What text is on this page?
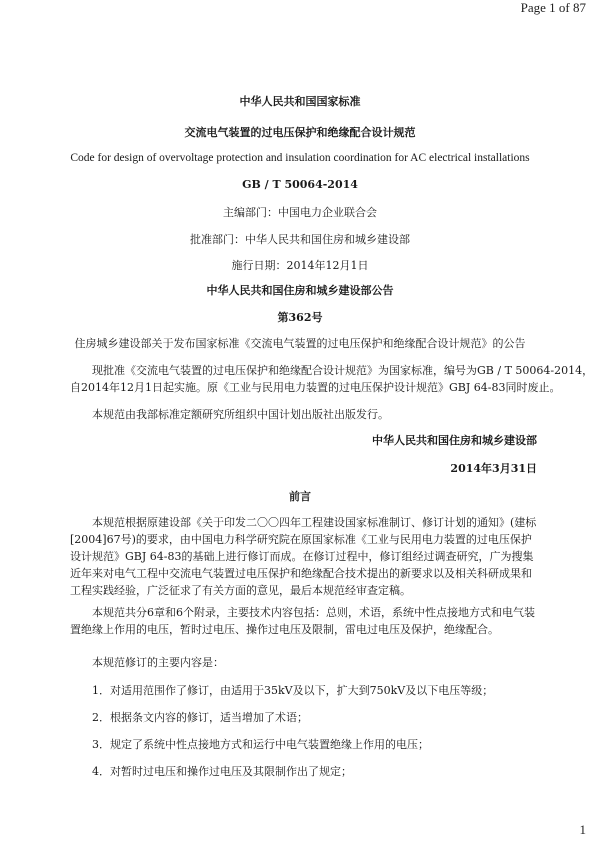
Page 1 of 87
中华人民共和国国家标准
交流电气装置的过电压保护和绝缘配合设计规范
Code for design of overvoltage protection and insulation coordination for AC electrical installations
GB / T 50064-2014
主编部门：中国电力企业联合会
批准部门：中华人民共和国住房和城乡建设部
施行日期：2014年12月1日
中华人民共和国住房和城乡建设部公告
第362号
住房城乡建设部关于发布国家标准《交流电气装置的过电压保护和绝缘配合设计规范》的公告
现批准《交流电气装置的过电压保护和绝缘配合设计规范》为国家标准，编号为GB / T 50064-2014，
自2014年12月1日起实施。原《工业与民用电力装置的过电压保护设计规范》GBJ 64-83同时废止。
本规范由我部标准定额研究所组织中国计划出版社出版发行。
中华人民共和国住房和城乡建设部
2014年3月31日
前言
本规范根据原建设部《关于印发二〇〇四年工程建设国家标准制订、修订计划的通知》(建标[2004]67号)的要求，由中国电力科学研究院在原国家标准《工业与民用电力装置的过电压保护设计规范》GBJ 64-83的基础上进行修订而成。在修订过程中，修订组经过调查研究，广为搜集近年来对电气工程中交流电气装置过电压保护和绝缘配合技术提出的新要求以及相关科研成果和工程实践经验，广泛征求了有关方面的意见，最后本规范经审查定稿。
本规范共分6章和6个附录，主要技术内容包括：总则，术语，系统中性点接地方式和电气装置绝缘上作用的电压，暂时过电压、操作过电压及限制，雷电过电压及保护，绝缘配合。
本规范修订的主要内容是：
1．对适用范围作了修订，由适用于35kV及以下，扩大到750kV及以下电压等级；
2．根据条文内容的修订，适当增加了术语；
3．规定了系统中性点接地方式和运行中电气装置绝缘上作用的电压；
4．对暂时过电压和操作过电压及其限制作出了规定；
1
